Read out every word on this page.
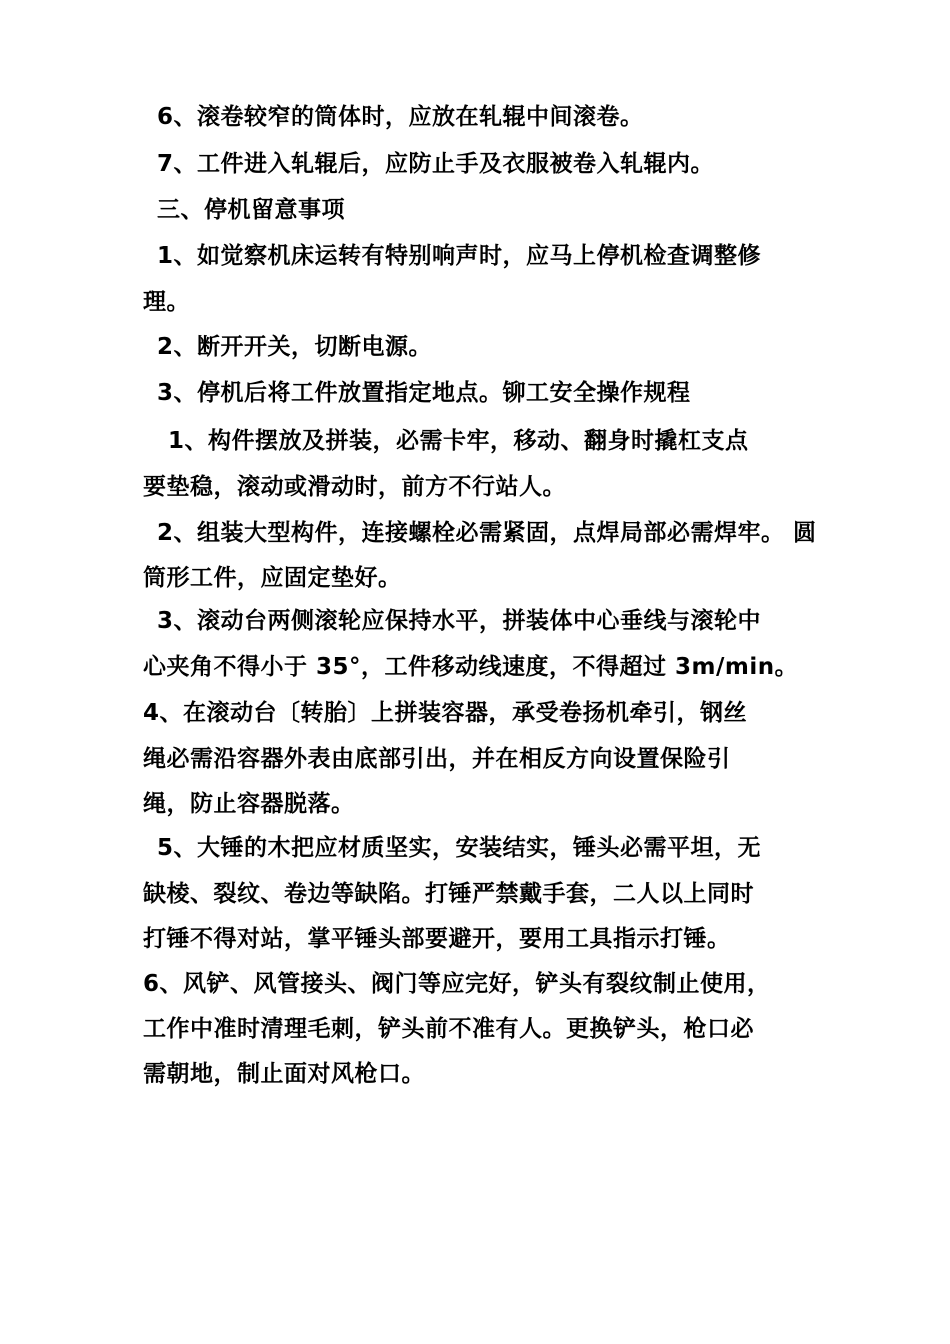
6、滚卷较窄的筒体时，应放在轧辊中间滚卷。
7、工件进入轧辊后，应防止手及衣服被卷入轧辊内。
三、停机留意事项
1、如觉察机床运转有特别响声时，应马上停机检查调整修
理。
2、断开开关，切断电源。
3、停机后将工件放置指定地点。铆工安全操作规程
1、构件摆放及拼装，必需卡牢，移动、翻身时撬杠支点
要垫稳，滚动或滑动时，前方不行站人。
2、组装大型构件，连接螺栓必需紧固，点焊局部必需焊牢。 圆
筒形工件，应固定垫好。
3、滚动台两侧滚轮应保持水平，拼装体中心垂线与滚轮中
心夹角不得小于 35°，工件移动线速度，不得超过 3m/min。
4、在滚动台〔转胎〕上拼装容器，承受卷扬机牵引，钢丝
绳必需沿容器外表由底部引出，并在相反方向设置保险引
绳，防止容器脱落。
5、大锤的木把应材质坚实，安装结实，锤头必需平坦，无
缺棱、裂纹、卷边等缺陷。打锤严禁戴手套，二人以上同时
打锤不得对站，掌平锤头部要避开，要用工具指示打锤。
6、风铲、风管接头、阀门等应完好，铲头有裂纹制止使用，
工作中准时清理毛刺，铲头前不准有人。更换铲头，枪口必
需朝地，制止面对风枪口。
